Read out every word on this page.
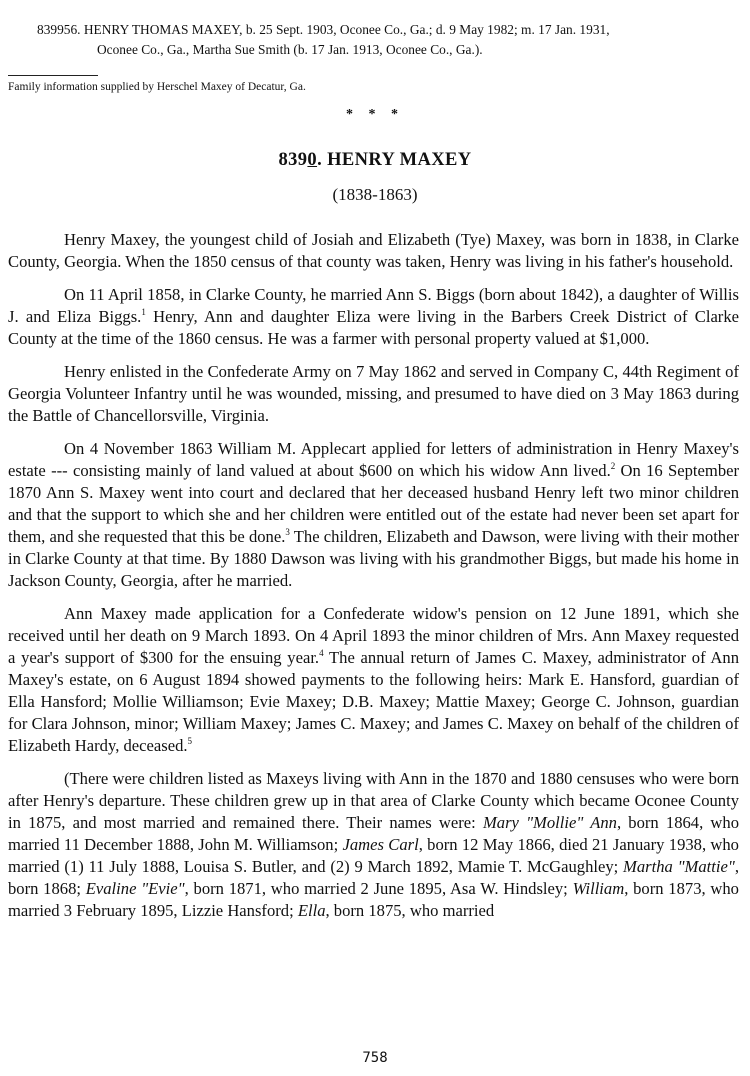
839956. HENRY THOMAS MAXEY, b. 25 Sept. 1903, Oconee Co., Ga.; d. 9 May 1982; m. 17 Jan. 1931,
Oconee Co., Ga., Martha Sue Smith (b. 17 Jan. 1913, Oconee Co., Ga.).
Family information supplied by Herschel Maxey of Decatur, Ga.
* * *
8390. HENRY MAXEY
(1838-1863)

Henry Maxey, the youngest child of Josiah and Elizabeth (Tye) Maxey, was born in 1838, in Clarke County, Georgia. When the 1850 census of that county was taken, Henry was living in his father's household.

On 11 April 1858, in Clarke County, he married Ann S. Biggs (born about 1842), a daughter of Willis J. and Eliza Biggs.$^1$ Henry, Ann and daughter Eliza were living in the Barbers Creek District of Clarke County at the time of the 1860 census. He was a farmer with personal property valued at $1,000.

Henry enlisted in the Confederate Army on 7 May 1862 and served in Company C, 44th Regiment of Georgia Volunteer Infantry until he was wounded, missing, and presumed to have died on 3 May 1863 during the Battle of Chancellorsville, Virginia.

On 4 November 1863 William M. Applecart applied for letters of administration in Henry Maxey's estate --- consisting mainly of land valued at about $600 on which his widow Ann lived.$^2$ On 16 September 1870 Ann S. Maxey went into court and declared that her deceased husband Henry left two minor children and that the support to which she and her children were entitled out of the estate had never been set apart for them, and she requested that this be done.$^3$ The children, Elizabeth and Dawson, were living with their mother in Clarke County at that time. By 1880 Dawson was living with his grandmother Biggs, but made his home in Jackson County, Georgia, after he married.

Ann Maxey made application for a Confederate widow's pension on 12 June 1891, which she received until her death on 9 March 1893. On 4 April 1893 the minor children of Mrs. Ann Maxey requested a year's support of $300 for the ensuing year.$^4$ The annual return of James C. Maxey, administrator of Ann Maxey's estate, on 6 August 1894 showed payments to the following heirs: Mark E. Hansford, guardian of Ella Hansford; Mollie Williamson; Evie Maxey; D.B. Maxey; Mattie Maxey; George C. Johnson, guardian for Clara Johnson, minor; William Maxey; James C. Maxey; and James C. Maxey on behalf of the children of Elizabeth Hardy, deceased.$^5$

(There were children listed as Maxeys living with Ann in the 1870 and 1880 censuses who were born after Henry's departure. These children grew up in that area of Clarke County which became Oconee County in 1875, and most married and remained there. Their names were: Mary "Mollie" Ann, born 1864, who married 11 December 1888, John M. Williamson; James Carl, born 12 May 1866, died 21 January 1938, who married (1) 11 July 1888, Louisa S. Butler, and (2) 9 March 1892, Mamie T. McGaughley; Martha "Mattie", born 1868; Evaline "Evie", born 1871, who married 2 June 1895, Asa W. Hindsley; William, born 1873, who married 3 February 1895, Lizzie Hansford; Ella, born 1875, who married

758
